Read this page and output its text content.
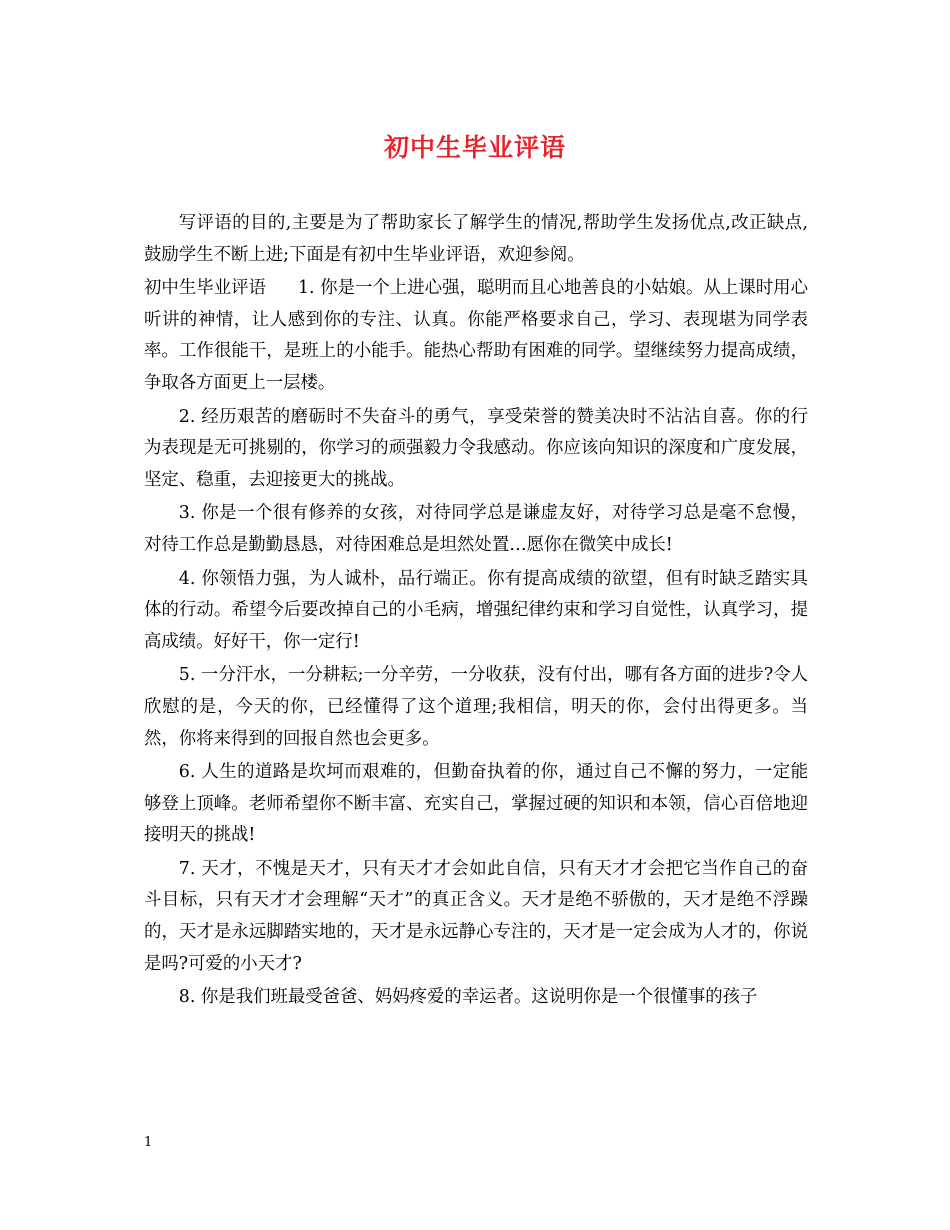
初中生毕业评语

写评语的目的,主要是为了帮助家长了解学生的情况,帮助学生发扬优点,改正缺点,鼓励学生不断上进;下面是有初中生毕业评语，欢迎参阅。

初中生毕业评语 1. 你是一个上进心强，聪明而且心地善良的小姑娘。从上课时用心听讲的神情，让人感到你的专注、认真。你能严格要求自己，学习、表现堪为同学表率。工作很能干，是班上的小能手。能热心帮助有困难的同学。望继续努力提高成绩，争取各方面更上一层楼。

2. 经历艰苦的磨砺时不失奋斗的勇气，享受荣誉的赞美决时不沾沾自喜。你的行为表现是无可挑剔的，你学习的顽强毅力令我感动。你应该向知识的深度和广度发展，坚定、稳重，去迎接更大的挑战。

3. 你是一个很有修养的女孩，对待同学总是谦虚友好，对待学习总是毫不怠慢，对待工作总是勤勤恳恳，对待困难总是坦然处置…愿你在微笑中成长!

4. 你领悟力强，为人诚朴，品行端正。你有提高成绩的欲望，但有时缺乏踏实具体的行动。希望今后要改掉自己的小毛病，增强纪律约束和学习自觉性，认真学习，提高成绩。好好干，你一定行!

5. 一分汗水，一分耕耘;一分辛劳，一分收获，没有付出，哪有各方面的进步?令人欣慰的是，今天的你，已经懂得了这个道理;我相信，明天的你，会付出得更多。当然，你将来得到的回报自然也会更多。

6. 人生的道路是坎坷而艰难的，但勤奋执着的你，通过自己不懈的努力，一定能够登上顶峰。老师希望你不断丰富、充实自己，掌握过硬的知识和本领，信心百倍地迎接明天的挑战!

7. 天才，不愧是天才，只有天才才会如此自信，只有天才才会把它当作自己的奋斗目标，只有天才才会理解“天才”的真正含义。天才是绝不骄傲的，天才是绝不浮躁的，天才是永远脚踏实地的，天才是永远静心专注的，天才是一定会成为人才的，你说是吗?可爱的小天才?

8. 你是我们班最受爸爸、妈妈疼爱的幸运者。这说明你是一个很懂事的孩子

1
